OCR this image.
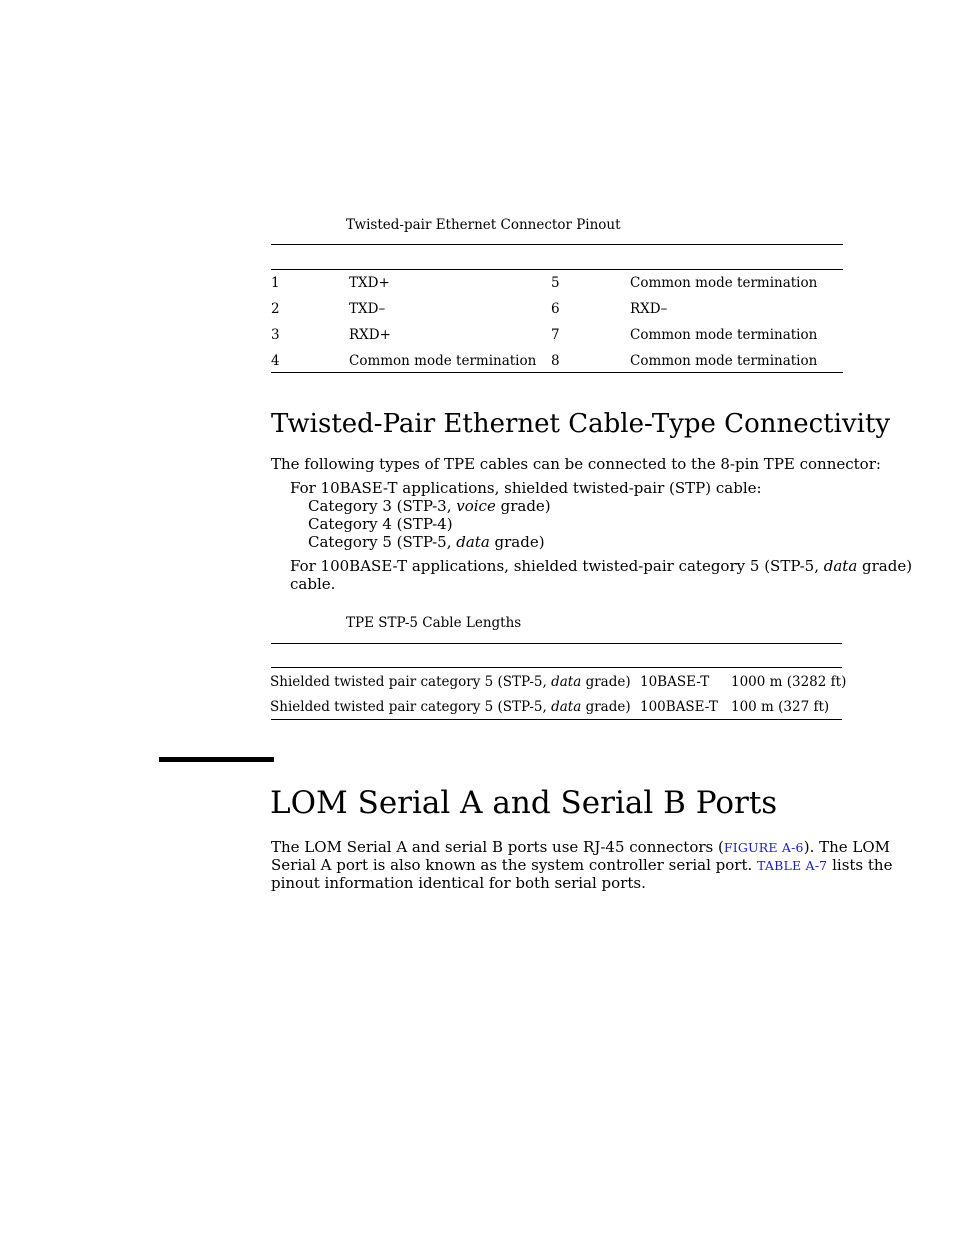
Twisted-pair Ethernet Connector Pinout
1	TXD+	5	Common mode termination
2	TXD–	6	RXD–
3	RXD+	7	Common mode termination
4	Common mode termination 8	Common mode termination
Twisted-Pair Ethernet Cable-Type Connectivity
The following types of TPE cables can be connected to the 8-pin TPE connector:
For 10BASE-T applications, shielded twisted-pair (STP) cable:
Category 3 (STP-3, voice grade)
Category 4 (STP-4)
Category 5 (STP-5, data grade)
For 100BASE-T applications, shielded twisted-pair category 5 (STP-5, data grade)
cable.
TPE STP-5 Cable Lengths
Shielded twisted pair category 5 (STP-5, data grade) 10BASE-T 1000 m (3282 ft)
Shielded twisted pair category 5 (STP-5, data grade) 100BASE-T 100 m (327 ft)
LOM Serial A and Serial B Ports
The LOM Serial A and serial B ports use RJ-45 connectors (FIGURE A-6). The LOM
Serial A port is also known as the system controller serial port. TABLE A-7 lists the
pinout information identical for both serial ports.
